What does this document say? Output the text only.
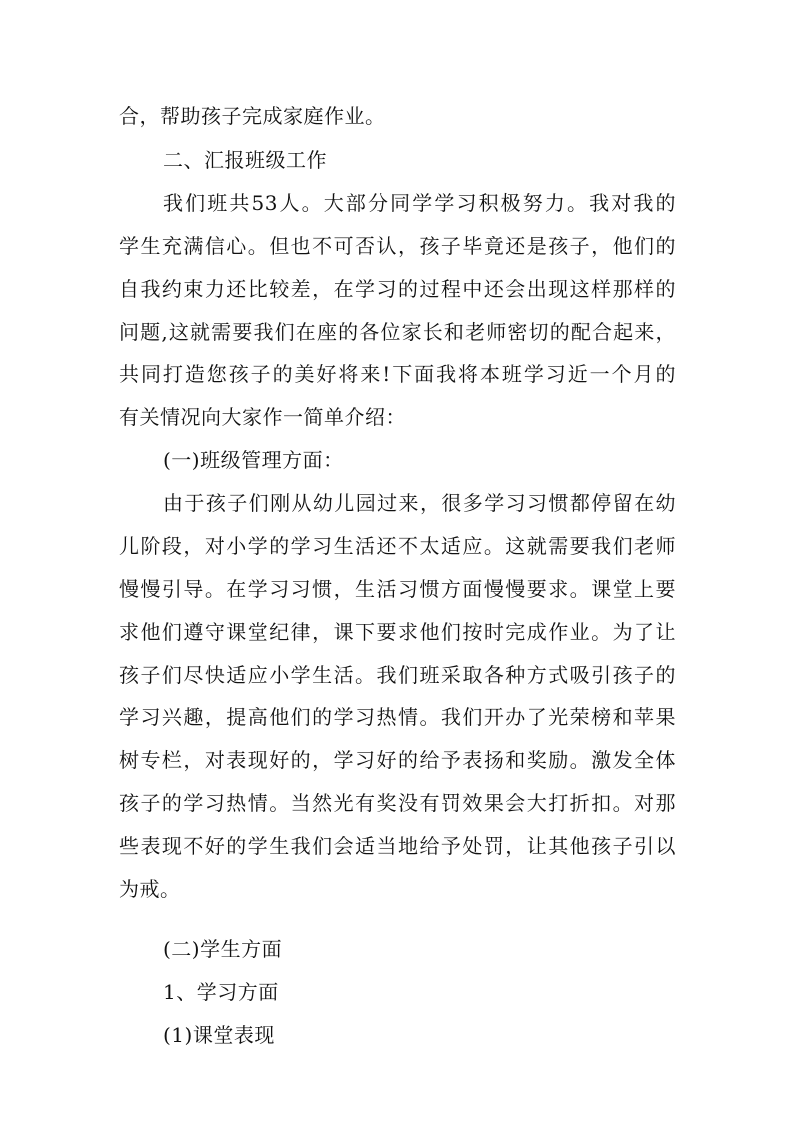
合，帮助孩子完成家庭作业。
二、汇报班级工作
我们班共53人。大部分同学学习积极努力。我对我的
学生充满信心。但也不可否认，孩子毕竟还是孩子，他们的
自我约束力还比较差，在学习的过程中还会出现这样那样的
问题,这就需要我们在座的各位家长和老师密切的配合起来，
共同打造您孩子的美好将来!下面我将本班学习近一个月的
有关情况向大家作一简单介绍：
(一)班级管理方面：
由于孩子们刚从幼儿园过来，很多学习习惯都停留在幼
儿阶段，对小学的学习生活还不太适应。这就需要我们老师
慢慢引导。在学习习惯，生活习惯方面慢慢要求。课堂上要
求他们遵守课堂纪律，课下要求他们按时完成作业。为了让
孩子们尽快适应小学生活。我们班采取各种方式吸引孩子的
学习兴趣，提高他们的学习热情。我们开办了光荣榜和苹果
树专栏，对表现好的，学习好的给予表扬和奖励。激发全体
孩子的学习热情。当然光有奖没有罚效果会大打折扣。对那
些表现不好的学生我们会适当地给予处罚，让其他孩子引以
为戒。
(二)学生方面
1、学习方面
(1)课堂表现
